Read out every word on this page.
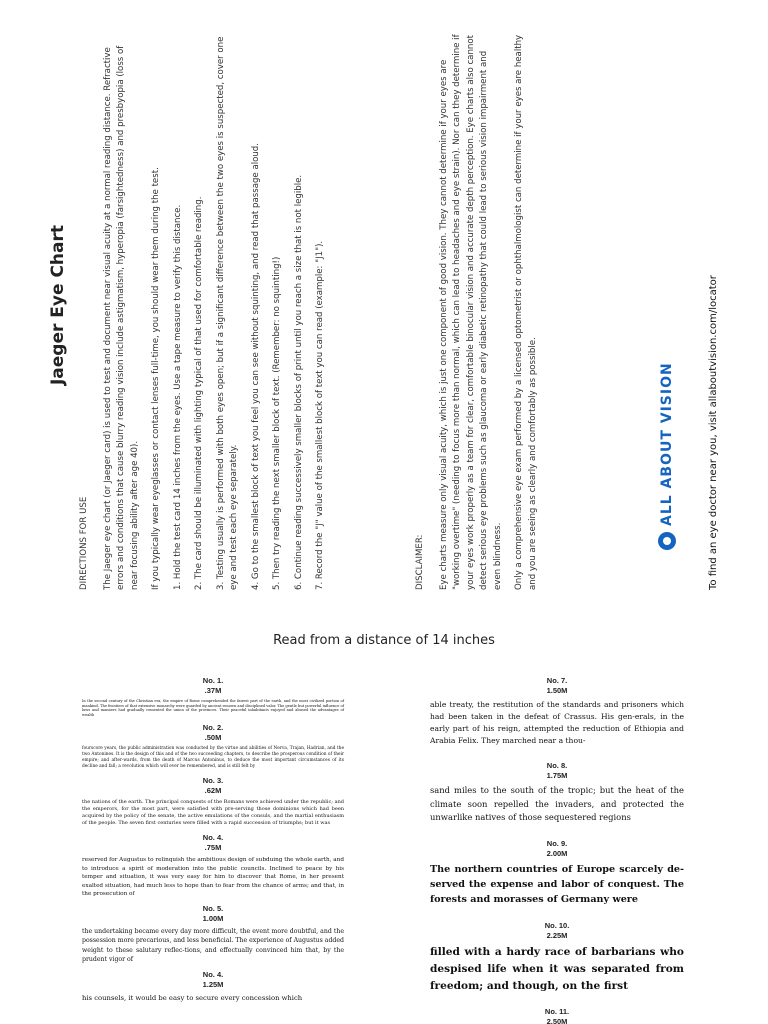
Jaeger Eye Chart

DIRECTIONS FOR USE The Jaeger eye chart (or Jaeger card) is used to test and document near visual acuity at a normal reading distance. Refractive errors and conditions that cause blurry reading vision include astigmatism, hyperopia (farsightedness) and presbyopia (loss of near focusing ability after age 40). If you typically wear eyeglasses or contact lenses full-time, you should wear them during the test. 1. Hold the test card 14 inches from the eyes. Use a tape measure to verify this distance. 2. The card should be illuminated with lighting typical of that used for comfortable reading. 3. Testing usually is performed with both eyes open; but if a significant difference between the two eyes is suspected, cover one eye and test each eye separately. 4. Go to the smallest block of text you feel you can see without squinting, and read that passage aloud. 5. Then try reading the next smaller block of text. (Remember: no squinting!) 6. Continue reading successively smaller blocks of print until you reach a size that is not legible. 7. Record the "J" value of the smallest block of text you can read (example: "J1").	DISCLAIMER: Eye charts measure only visual acuity, which is just one component of good vision. They cannot determine if your eyes are "working overtime" (needing to focus more than normal, which can lead to headaches and eye strain). Nor can they determine if your eyes work properly as a team for clear, comfortable binocular vision and accurate depth perception. Eye charts also cannot detect serious eye problems such as glaucoma or early diabetic retinopathy that could lead to serious vision impairment and even blindness. Only a comprehensive eye exam performed by a licensed optometrist or ophthalmologist can determine if your eyes are healthy and you are seeing as clearly and comfortably as possible.	ALL ABOUT VISION	To find an eye doctor near you, visit allaboutvision.com/locator
Read from a distance of 14 inches
No. 1.
.37M
In the second century of the Christian era, the empire of Rome comprehended the fairest part of the earth, and the most civilized portion of mankind. The frontiers of that extensive monarchy were guarded by ancient renown and disciplined valor. The gentle but powerful influence of laws and manners had gradually cemented the union of the provinces. Their peaceful inhabitants enjoyed and abused the advantages of wealth
No. 2.
.50M
fourscore years, the public administration was conducted by the virtue and abilities of Nerva, Trajan, Hadrian, and the two Antonines. It is the design of this and of the two succeeding chapters, to describe the prosperous condition of their empire; and after-wards, from the death of Marcus Antoninus, to deduce the most important circumstances of its decline and fall; a revolution which will ever be remembered, and is still felt by
No. 3.
.62M
the nations of the earth. The principal conquests of the Romans were achieved under the republic; and the emperors, for the most part, were satisfied with pre-serving those dominions which had been acquired by the policy of the senate, the active emulations of the consuls, and the martial enthusiasm of the people. The seven first centuries were filled with a rapid succession of triumphs; but it was
No. 4.
.75M
reserved for Augustus to relinquish the ambitious design of subduing the whole earth, and to introduce a spirit of moderation into the public councils. Inclined to peace by his temper and situation, it was very easy for him to discover that Rome, in her present exalted situation, had much less to hope than to fear from the chance of arms; and that, in the prosecution of
No. 5.
1.00M
the undertaking became every day more difficult, the event more doubtful, and the possession more precarious, and less beneficial. The experience of Augustus added weight to these salutary reflec-tions, and effectually convinced him that, by the prudent vigor of
No. 4.
1.25M
his counsels, it would be easy to secure every concession which
No. 7.
1.50M
able treaty, the restitution of the standards and prisoners which had been taken in the defeat of Crassus. His gen-erals, in the early part of his reign, attempted the reduction of Ethiopia and Arabia Felix. They marched near a thou-
No. 8.
1.75M
sand miles to the south of the tropic; but the heat of the climate soon repelled the invaders, and protected the unwarlike natives of those sequestered regions
No. 9.
2.00M
The northern countries of Europe scarcely de-served the expense and labor of conquest. The forests and morasses of Germany were
No. 10.
2.25M
filled with a hardy race of barbarians who despised life when it was separated from freedom; and though, on the first
No. 11.
2.50M
